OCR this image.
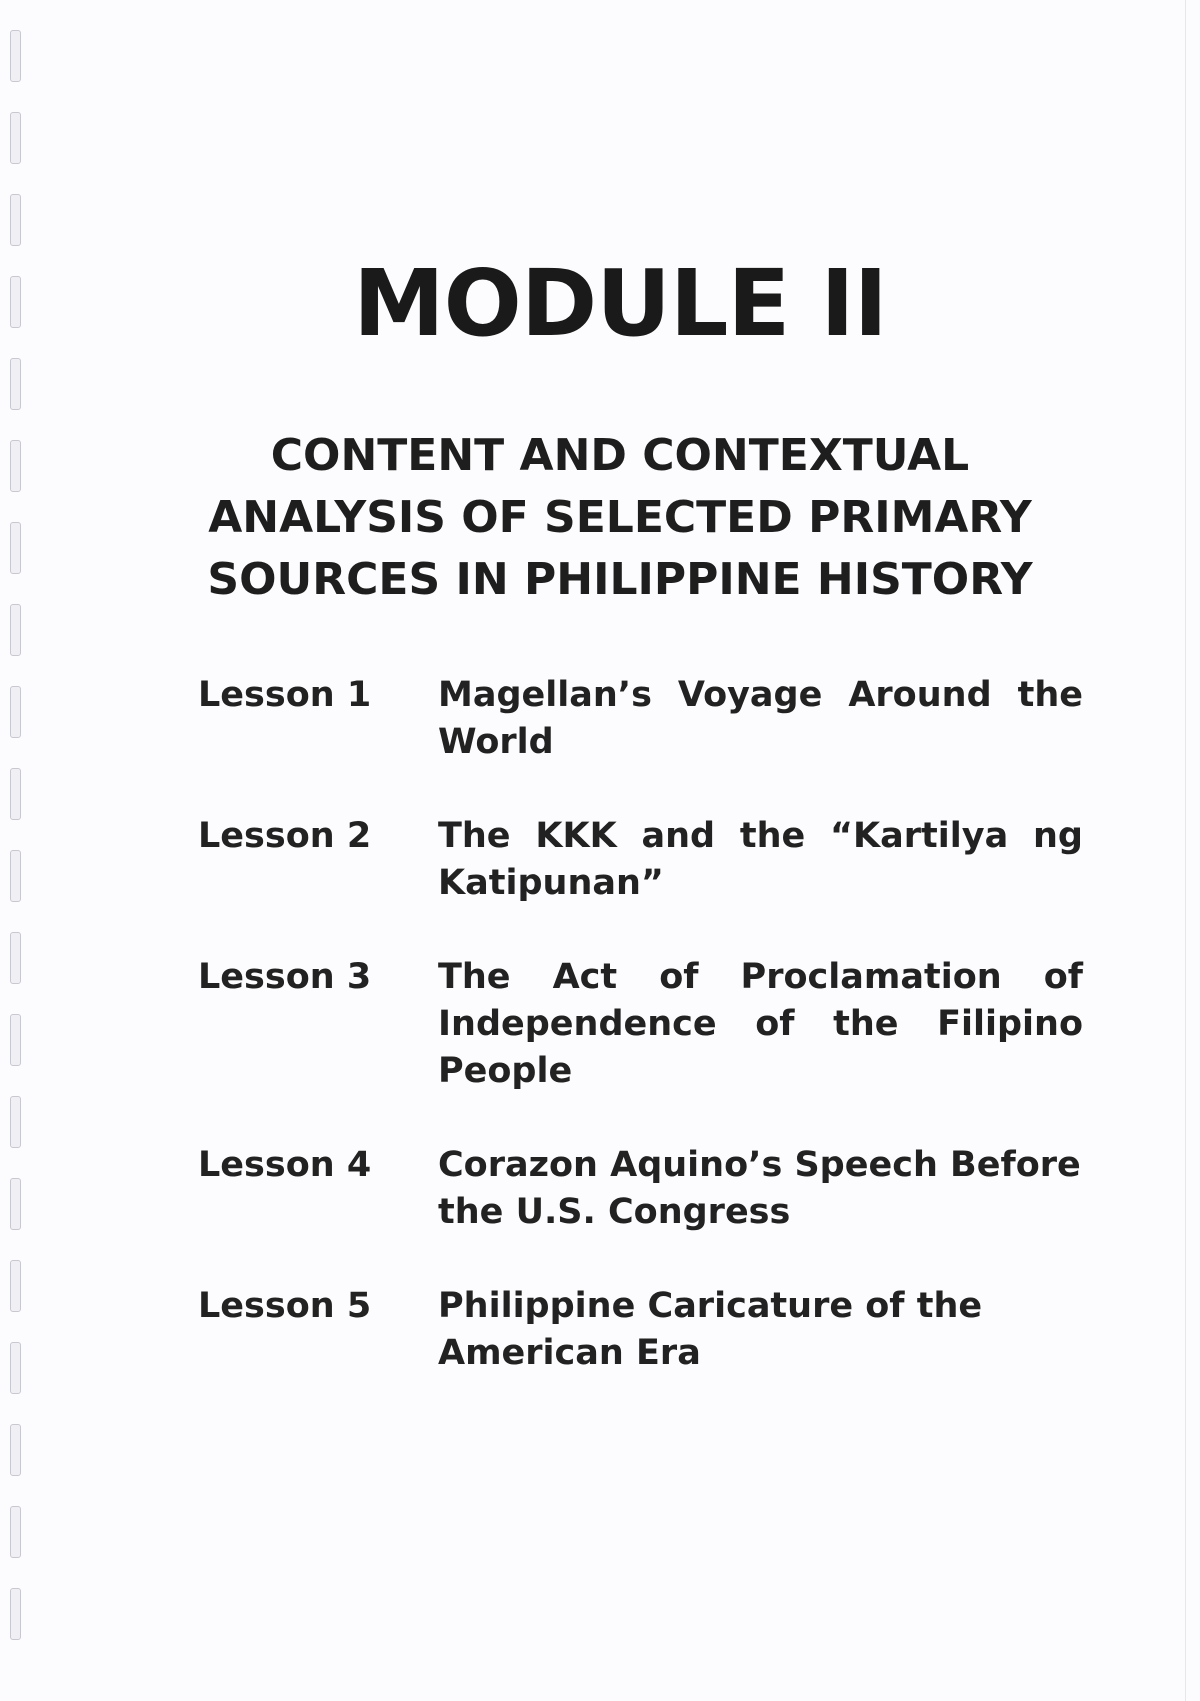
MODULE II
CONTENT AND CONTEXTUAL
ANALYSIS OF SELECTED PRIMARY
SOURCES IN PHILIPPINE HISTORY
Lesson 1	Magellan’s Voyage Around the World
Lesson 2	The KKK and the “Kartilya ng Katipunan”
Lesson 3	The Act of Proclamation of Independence of the Filipino People
Lesson 4	Corazon Aquino’s Speech Before the U.S. Congress
Lesson 5	Philippine Caricature of the American Era
